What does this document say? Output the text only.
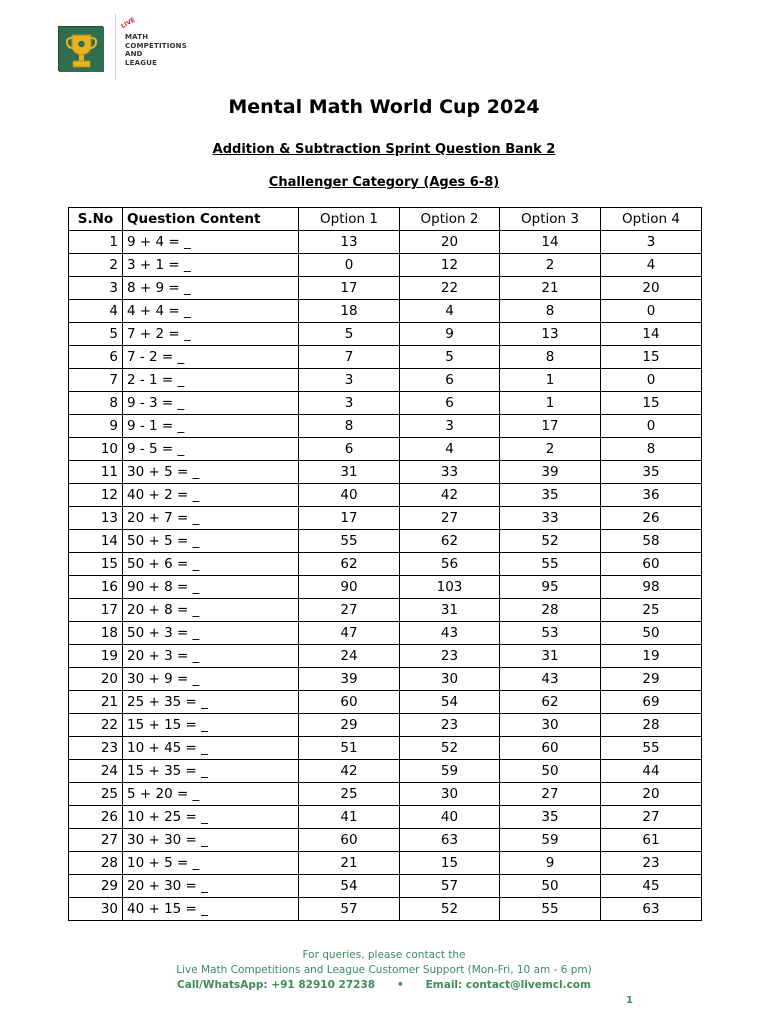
LIVE
MATH
COMPETITIONS
AND
LEAGUE
Mental Math World Cup 2024
Addition & Subtraction Sprint Question Bank 2
Challenger Category (Ages 6-8)
S.No	Question Content	Option 1	Option 2	Option 3	Option 4
1	9 + 4 = _	13	20	14	3
2	3 + 1 = _	0	12	2	4
3	8 + 9 = _	17	22	21	20
4	4 + 4 = _	18	4	8	0
5	7 + 2 = _	5	9	13	14
6	7 - 2 = _	7	5	8	15
7	2 - 1 = _	3	6	1	0
8	9 - 3 = _	3	6	1	15
9	9 - 1 = _	8	3	17	0
10	9 - 5 = _	6	4	2	8
11	30 + 5 = _	31	33	39	35
12	40 + 2 = _	40	42	35	36
13	20 + 7 = _	17	27	33	26
14	50 + 5 = _	55	62	52	58
15	50 + 6 = _	62	56	55	60
16	90 + 8 = _	90	103	95	98
17	20 + 8 = _	27	31	28	25
18	50 + 3 = _	47	43	53	50
19	20 + 3 = _	24	23	31	19
20	30 + 9 = _	39	30	43	29
21	25 + 35 = _	60	54	62	69
22	15 + 15 = _	29	23	30	28
23	10 + 45 = _	51	52	60	55
24	15 + 35 = _	42	59	50	44
25	5 + 20 = _	25	30	27	20
26	10 + 25 = _	41	40	35	27
27	30 + 30 = _	60	63	59	61
28	10 + 5 = _	21	15	9	23
29	20 + 30 = _	54	57	50	45
30	40 + 15 = _	57	52	55	63
For queries, please contact the
Live Math Competitions and League Customer Support (Mon-Fri, 10 am - 6 pm)
Call/WhatsApp: +91 82910 27238      •      Email: contact@livemcl.com
1
